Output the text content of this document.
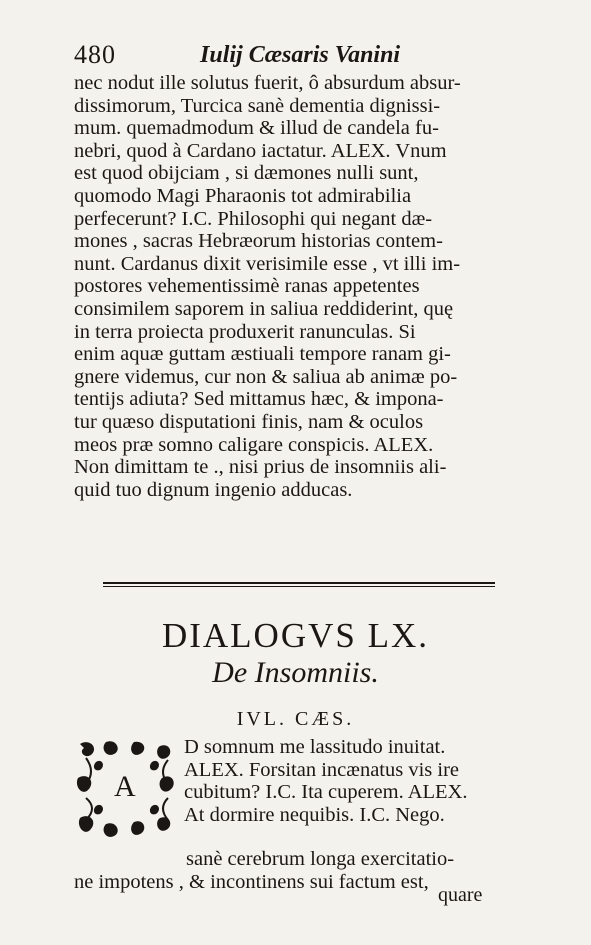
480	Iulij Cæsaris Vanini
nec nodut ille solutus fuerit, ô absurdum absur-
dissimorum, Turcica sanè dementia dignissi-
mum. quemadmodum & illud de candela fu-
nebri, quod à Cardano iactatur. ALEX. Vnum
est quod obijciam , si dæmones nulli sunt,
quomodo Magi Pharaonis tot admirabilia
perfecerunt? I.C. Philosophi qui negant dæ-
mones , sacras Hebræorum historias contem-
nunt. Cardanus dixit verisimile esse , vt illi im-
postores vehementissimè ranas appetentes
consimilem saporem in saliua reddiderint, quę
in terra proiecta produxerit ranunculas. Si
enim aquæ guttam æstiuali tempore ranam gi-
gnere videmus, cur non & saliua ab animæ po-
tentijs adiuta? Sed mittamus hæc, & imponа-
tur quæso disputationi finis, nam & oculos
meos præ somno caligare conspicis. ALEX.
Non dimittam te ., nisi prius de insomniis ali-
quid tuo dignum ingenio adducas.
DIALOGVS LX.
De Insomniis.
IVL. CÆS.
A
D somnum me lassitudo inuitat.
ALEX. Forsitan incænatus vis ire
cubitum? I.C. Ita cuperem. ALEX.
At dormire nequibis. I.C. Nego.
sanè cerebrum longa exercitatio-
ne impotens , & incontinens sui factum est,
quare
